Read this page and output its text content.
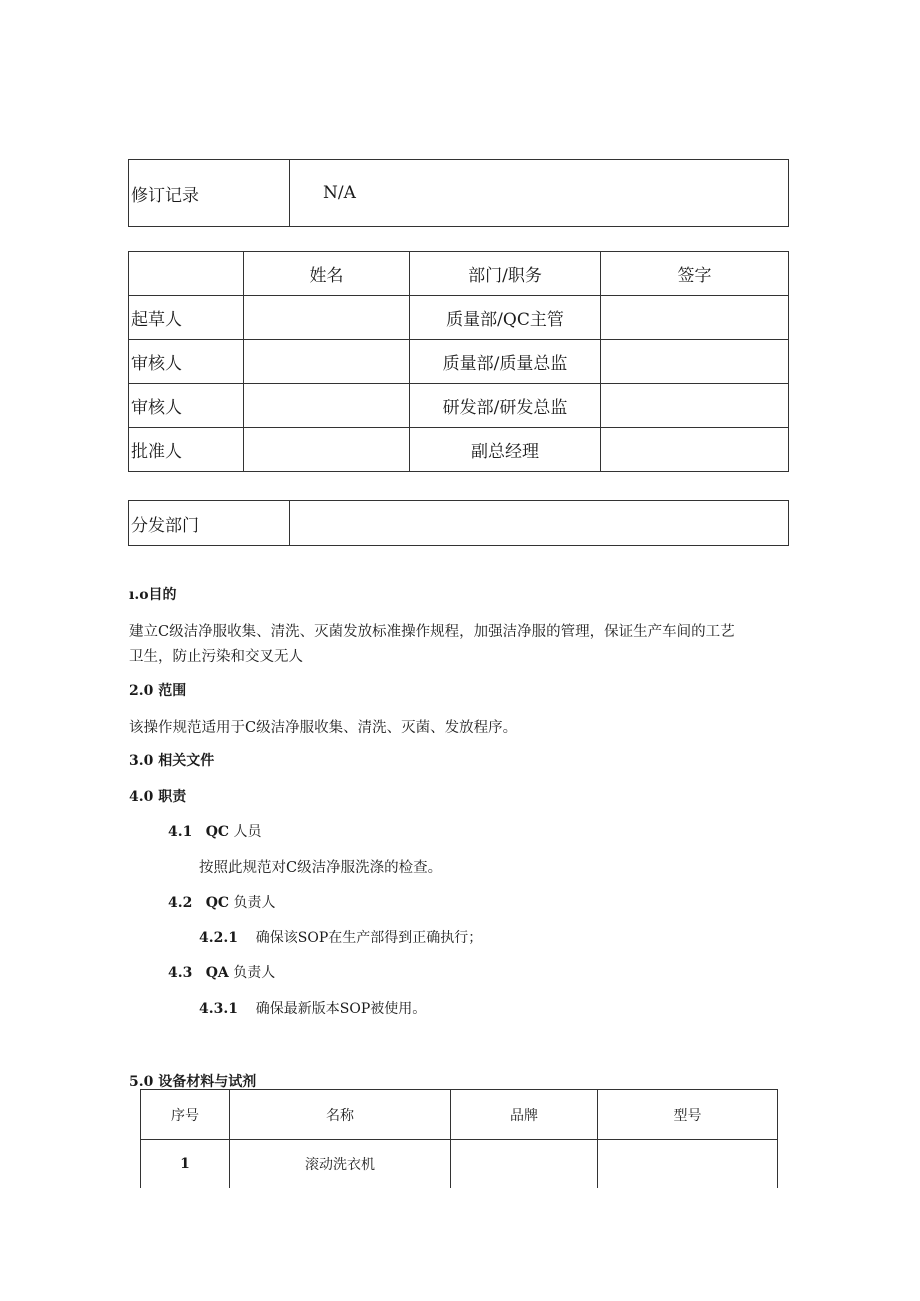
修订记录	N/A
	姓名	部门/职务	签字
起草人		质量部/QC主管	
审核人		质量部/质量总监	
审核人		研发部/研发总监	
批准人		副总经理	
分发部门	
ı.o目的
建立C级洁净服收集、清洗、灭菌发放标准操作规程，加强洁净服的管理，保证生产车间的工艺
卫生，防止污染和交叉无人
2.0 范围
该操作规范适用于C级洁净服收集、清洗、灭菌、发放程序。
3.0 相关文件
4.0 职责
4.1 QC 人员
按照此规范对C级洁净服洗涤的检查。
4.2 QC 负责人
4.2.1 确保该SOP在生产部得到正确执行；
4.3 QA 负责人
4.3.1 确保最新版本SOP被使用。
5.0 设备材料与试剂
序号	名称	品牌	型号
1	滚动洗衣机		
